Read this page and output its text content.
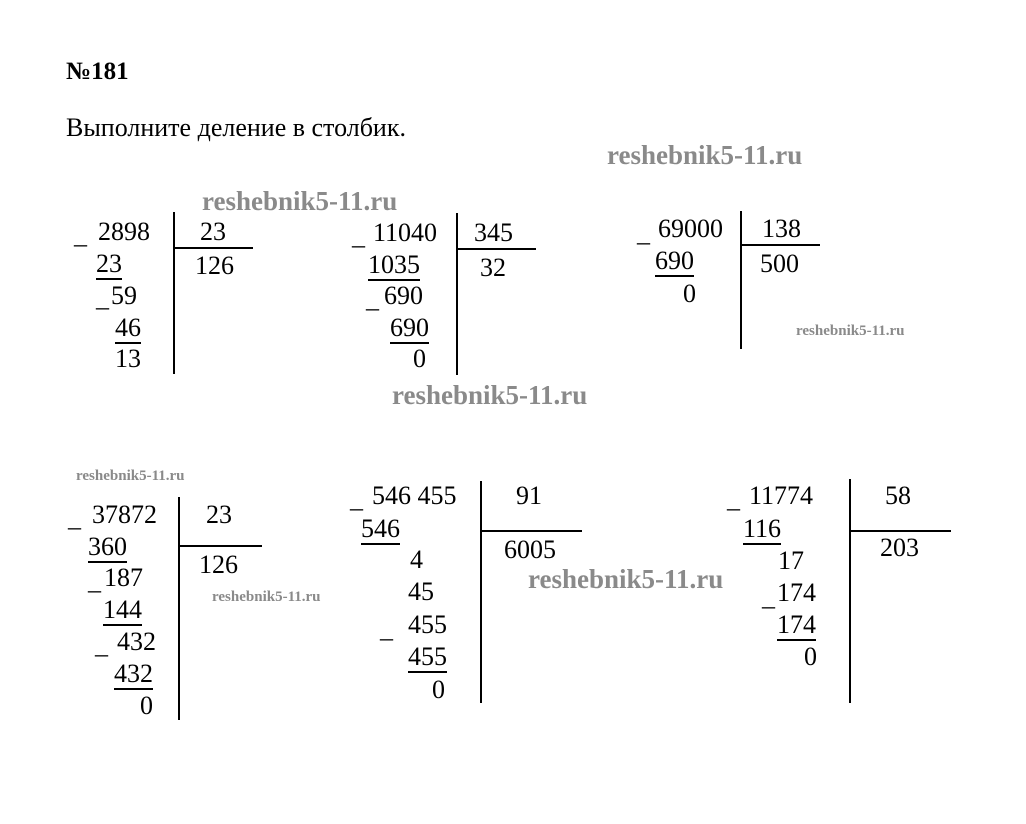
№181
Выполните деление в столбик.
reshebnik5-11.ru
reshebnik5-11.ru
reshebnik5-11.ru
reshebnik5-11.ru
reshebnik5-11.ru
reshebnik5-11.ru
reshebnik5-11.ru
_ 2898 23
126
23
_ 59
46
13
_ 11040 345
32
1035
_ 690
690
0
_ 69000 138
500
690
0
_ 37872 23
126
360
_ 187
144
_ 432
432
0
_ 546 455 91
6005
546
4
45
_ 455
455
0
_ 11774	58
203
116
17
_ 174
174
0
